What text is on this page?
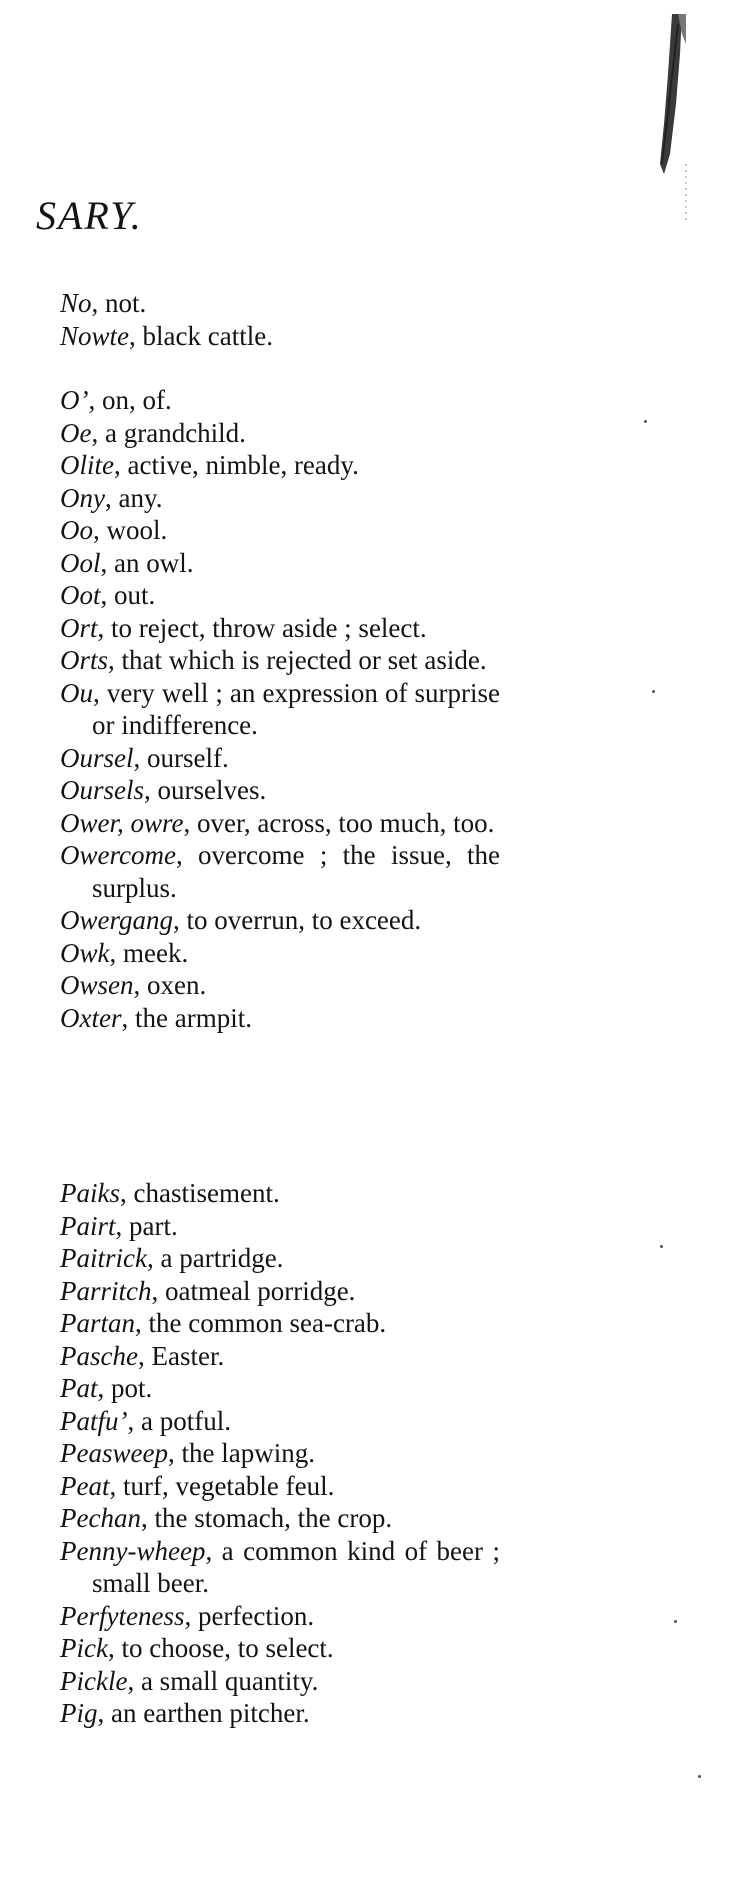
SARY.
No, not.
Nowte, black cattle.
O’, on, of.
Oe, a grandchild.
Olite, active, nimble, ready.
Ony, any.
Oo, wool.
Ool, an owl.
Oot, out.
Ort, to reject, throw aside ; select.
Orts, that which is rejected or set aside.
Ou, very well ; an expression of surprise or indifference.
Oursel, ourself.
Oursels, ourselves.
Ower, owre, over, across, too much, too.
Owercome, overcome ; the issue, the surplus.
Owergang, to overrun, to exceed.
Owk, meek.
Owsen, oxen.
Oxter, the armpit.
Paiks, chastisement.
Pairt, part.
Paitrick, a partridge.
Parritch, oatmeal porridge.
Partan, the common sea-crab.
Pasche, Easter.
Pat, pot.
Patfu’, a potful.
Peasweep, the lapwing.
Peat, turf, vegetable feul.
Pechan, the stomach, the crop.
Penny-wheep, a common kind of beer ; small beer.
Perfyteness, perfection.
Pick, to choose, to select.
Pickle, a small quantity.
Pig, an earthen pitcher.
